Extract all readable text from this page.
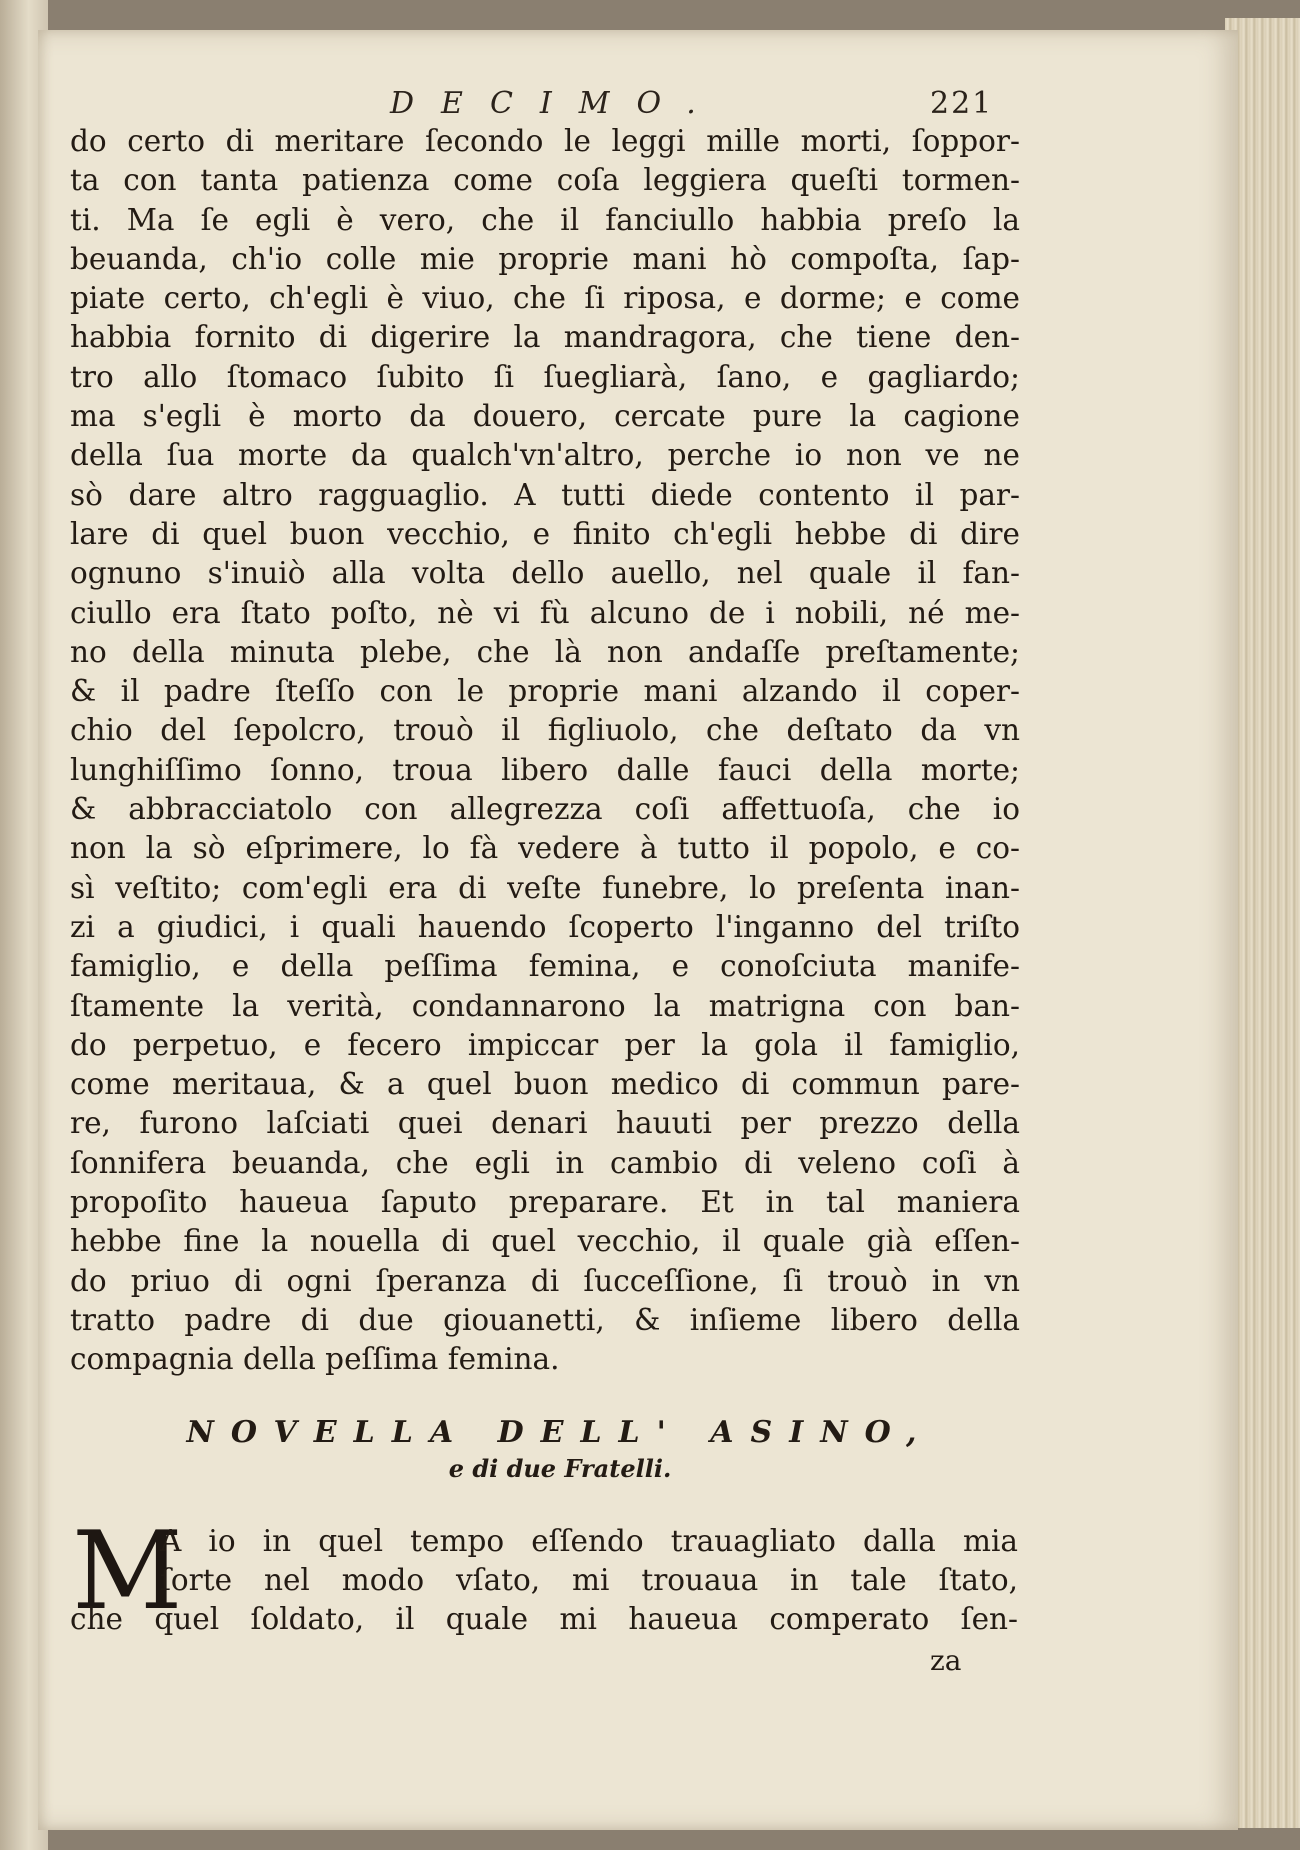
DECIMO.	221
do certo di meritare ſecondo le leggi mille morti, ſoppor-
ta con tanta patienza come coſa leggiera queſti tormen-
ti. Ma ſe egli è vero, che il fanciullo habbia preſo la
beuanda, ch'io colle mie proprie mani hò compoſta, ſap-
piate certo, ch'egli è viuo, che ſi riposa, e dorme; e come
habbia fornito di digerire la mandragora, che tiene den-
tro allo ſtomaco ſubito ſi ſuegliarà, ſano, e gagliardo;
ma s'egli è morto da douero, cercate pure la cagione
della ſua morte da qualch'vn'altro, perche io non ve ne
sò dare altro ragguaglio. A tutti diede contento il par-
lare di quel buon vecchio, e finito ch'egli hebbe di dire
ognuno s'inuiò alla volta dello auello, nel quale il fan-
ciullo era ſtato poſto, nè vi fù alcuno de i nobili, né me-
no della minuta plebe, che là non andaſſe preſtamente;
& il padre ſteſſo con le proprie mani alzando il coper-
chio del ſepolcro, trouò il figliuolo, che deſtato da vn
lunghiſſimo ſonno, troua libero dalle fauci della morte;
& abbracciatolo con allegrezza coſi affettuoſa, che io
non la sò eſprimere, lo fà vedere à tutto il popolo, e co-
sì veſtito; com'egli era di veſte funebre, lo preſenta inan-
zi a giudici, i quali hauendo ſcoperto l'inganno del triſto
famiglio, e della peſſima femina, e conoſciuta manife-
ſtamente la verità, condannarono la matrigna con ban-
do perpetuo, e fecero impiccar per la gola il famiglio,
come meritaua, & a quel buon medico di commun pare-
re, furono laſciati quei denari hauuti per prezzo della
ſonnifera beuanda, che egli in cambio di veleno coſi à
propoſito haueua ſaputo preparare. Et in tal maniera
hebbe fine la nouella di quel vecchio, il quale già eſſen-
do priuo di ogni ſperanza di ſucceſſione, ſi trouò in vn
tratto padre di due giouanetti, & inſieme libero della
compagnia della peſſima femina.
NOVELLA DELL' ASINO,
e di due Fratelli.
M
A io in quel tempo eſſendo trauagliato dalla mia
ſorte nel modo vſato, mi trouaua in tale ſtato,
che quel ſoldato, il quale mi haueua comperato ſen-
za
